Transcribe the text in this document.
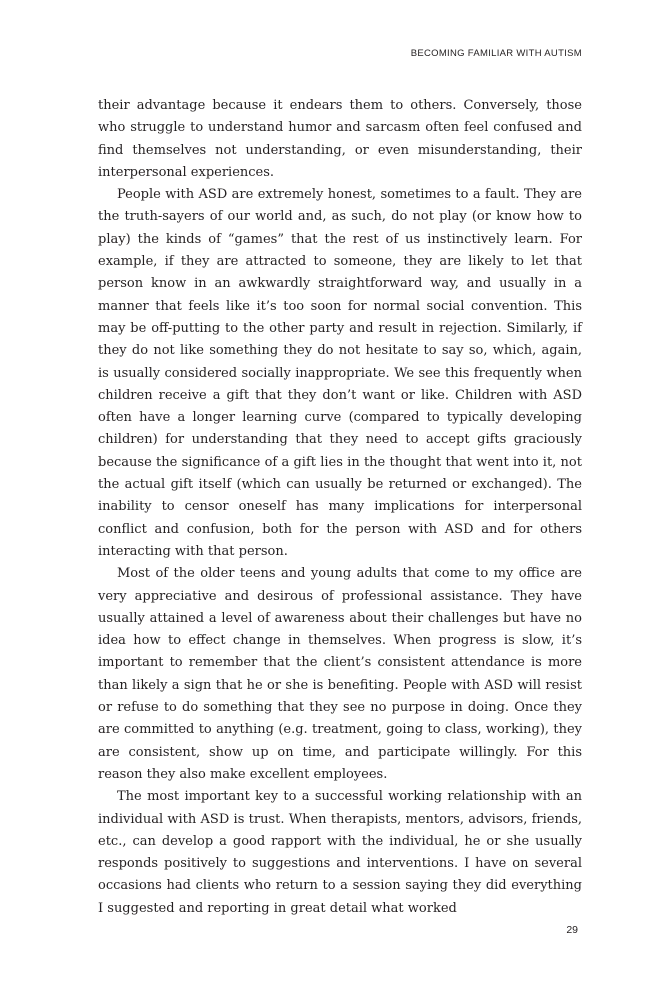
BECOMING FAMILIAR WITH AUTISM

their advantage because it endears them to others. Conversely, those who struggle to understand humor and sarcasm often feel confused and find themselves not understanding, or even misunderstanding, their interpersonal experiences.

People with ASD are extremely honest, sometimes to a fault. They are the truth-sayers of our world and, as such, do not play (or know how to play) the kinds of “games” that the rest of us instinctively learn. For example, if they are attracted to someone, they are likely to let that person know in an awkwardly straightforward way, and usually in a manner that feels like it’s too soon for normal social convention. This may be off-putting to the other party and result in rejection. Similarly, if they do not like something they do not hesitate to say so, which, again, is usually considered socially inappropriate. We see this frequently when children receive a gift that they don’t want or like. Children with ASD often have a longer learning curve (compared to typically developing children) for understanding that they need to accept gifts graciously because the significance of a gift lies in the thought that went into it, not the actual gift itself (which can usually be returned or exchanged). The inability to censor oneself has many implications for interpersonal conflict and confusion, both for the person with ASD and for others interacting with that person.

Most of the older teens and young adults that come to my office are very appreciative and desirous of professional assistance. They have usually attained a level of awareness about their challenges but have no idea how to effect change in themselves. When progress is slow, it’s important to remember that the client’s consistent attendance is more than likely a sign that he or she is benefiting. People with ASD will resist or refuse to do something that they see no purpose in doing. Once they are committed to anything (e.g. treatment, going to class, working), they are consistent, show up on time, and participate willingly. For this reason they also make excellent employees.

The most important key to a successful working relationship with an individual with ASD is trust. When therapists, mentors, advisors, friends, etc., can develop a good rapport with the individual, he or she usually responds positively to suggestions and interventions. I have on several occasions had clients who return to a session saying they did everything I suggested and reporting in great detail what worked

29
